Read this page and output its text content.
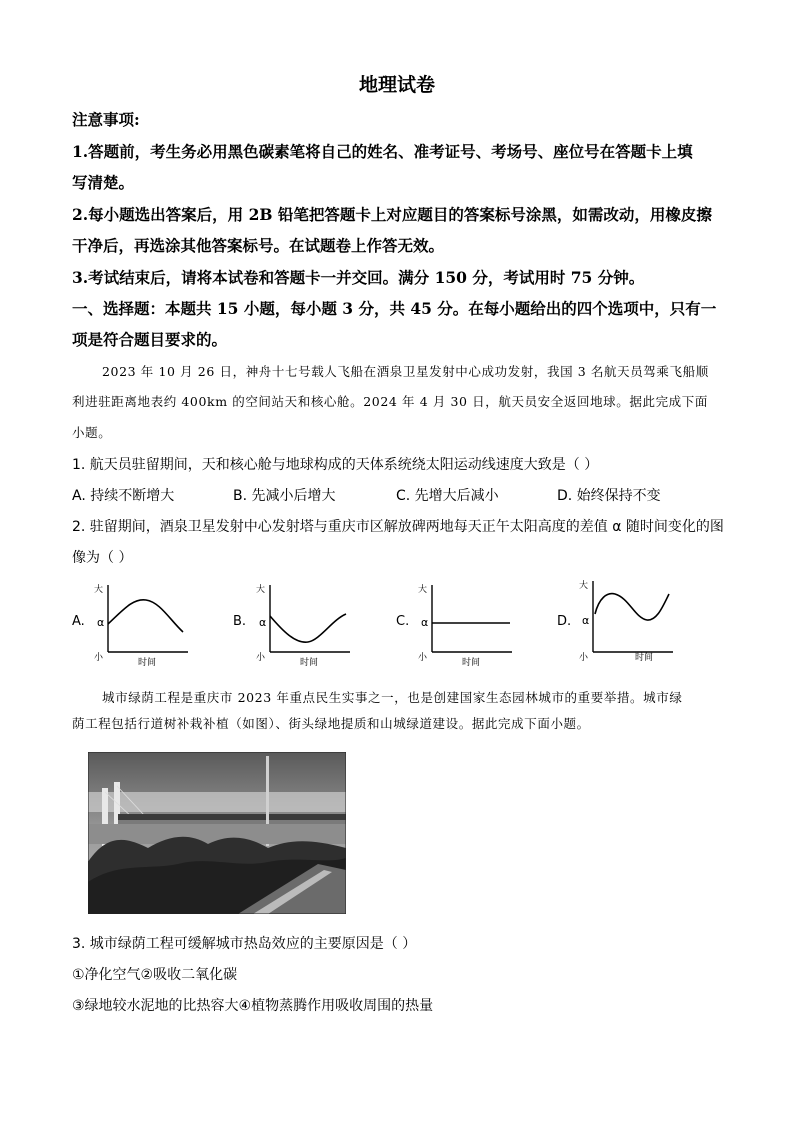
地理试卷
注意事项:
1.答题前，考生务必用黑色碳素笔将自己的姓名、准考证号、考场号、座位号在答题卡上填
写清楚。
2.每小题选出答案后，用 2B 铅笔把答题卡上对应题目的答案标号涂黑，如需改动，用橡皮擦
干净后，再选涂其他答案标号。在试题卷上作答无效。
3.考试结束后，请将本试卷和答题卡一并交回。满分 150 分，考试用时 75 分钟。
一、选择题：本题共 15 小题，每小题 3 分，共 45 分。在每小题给出的四个选项中，只有一
项是符合题目要求的。
2023 年 10 月 26 日，神舟十七号载人飞船在酒泉卫星发射中心成功发射，我国 3 名航天员驾乘飞船顺
利进驻距离地表约 400km 的空间站天和核心舱。2024 年 4 月 30 日，航天员安全返回地球。据此完成下面
小题。
1. 航天员驻留期间，天和核心舱与地球构成的天体系统绕太阳运动线速度大致是（ ）
A. 持续不断增大	B. 先减小后增大	C. 先增大后减小	D. 始终保持不变
2. 驻留期间，酒泉卫星发射中心发射塔与重庆市区解放碑两地每天正午太阳高度的差值 α 随时间变化的图
像为（ ）
A.
大
α
小	时间
B.
大
α
小	时间
C.
大
α
小	时间
D.
大
α
小	时间
城市绿荫工程是重庆市 2023 年重点民生实事之一，也是创建国家生态园林城市的重要举措。城市绿
荫工程包括行道树补栽补植（如图）、街头绿地提质和山城绿道建设。据此完成下面小题。
3. 城市绿荫工程可缓解城市热岛效应的主要原因是（ ）
①净化空气②吸收二氧化碳
③绿地较水泥地的比热容大④植物蒸腾作用吸收周围的热量
